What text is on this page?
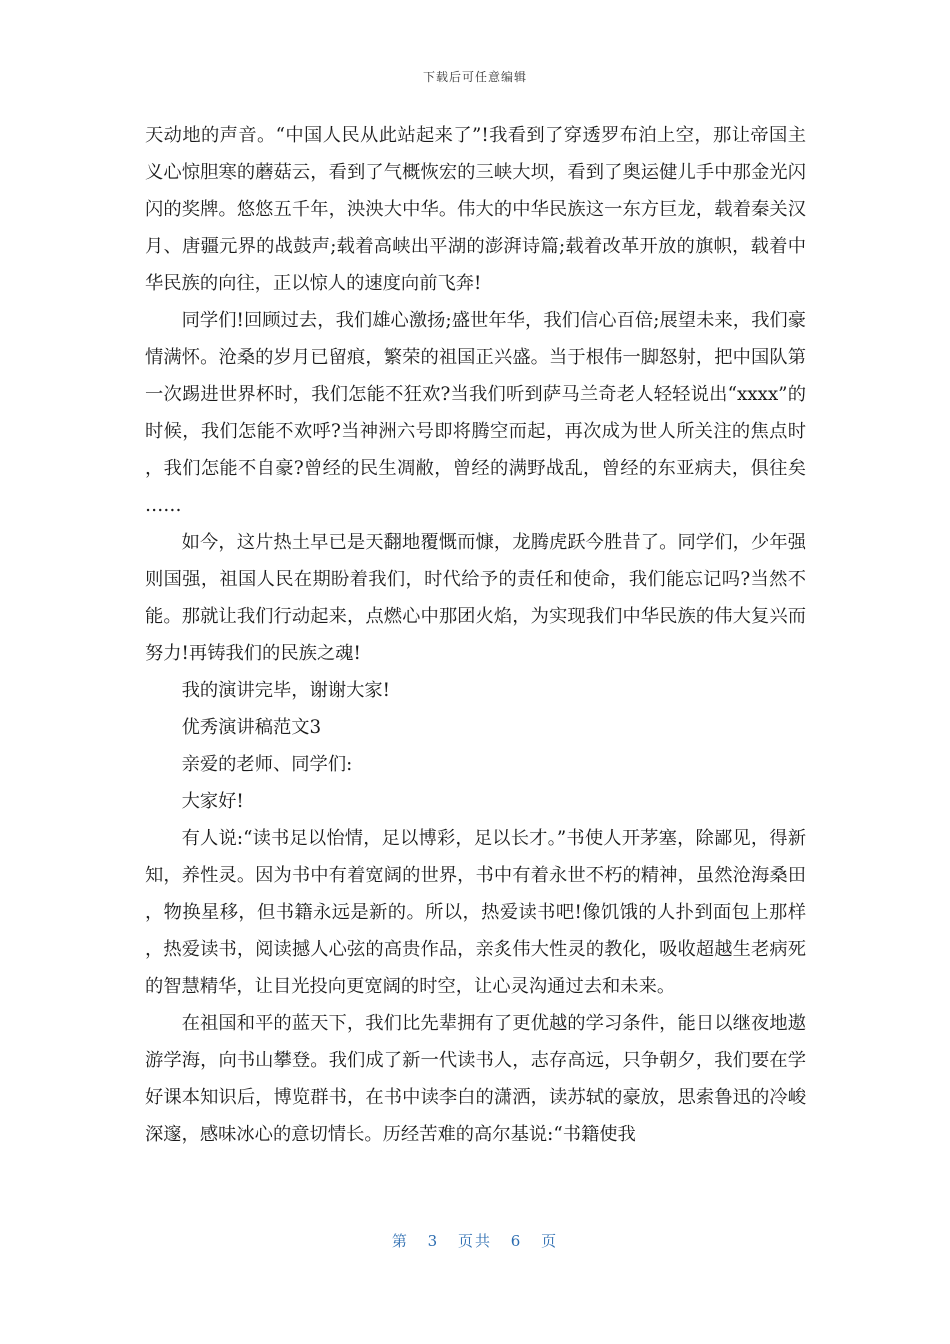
下载后可任意编辑

天动地的声音。“中国人民从此站起来了”!我看到了穿透罗布泊上空，那让帝国主义心惊胆寒的蘑菇云，看到了气概恢宏的三峡大坝，看到了奥运健儿手中那金光闪闪的奖牌。悠悠五千年，泱泱大中华。伟大的中华民族这一东方巨龙，载着秦关汉月、唐疆元界的战鼓声;载着高峡出平湖的澎湃诗篇;载着改革开放的旗帜，载着中华民族的向往，正以惊人的速度向前飞奔!

同学们!回顾过去，我们雄心激扬;盛世年华，我们信心百倍;展望未来，我们豪情满怀。沧桑的岁月已留痕，繁荣的祖国正兴盛。当于根伟一脚怒射，把中国队第一次踢进世界杯时，我们怎能不狂欢?当我们听到萨马兰奇老人轻轻说出“xxxx”的时候，我们怎能不欢呼?当神洲六号即将腾空而起，再次成为世人所关注的焦点时，我们怎能不自豪?曾经的民生凋敝，曾经的满野战乱，曾经的东亚病夫，俱往矣……

如今，这片热土早已是天翻地覆慨而慷，龙腾虎跃今胜昔了。同学们，少年强则国强，祖国人民在期盼着我们，时代给予的责任和使命，我们能忘记吗?当然不能。那就让我们行动起来，点燃心中那团火焰，为实现我们中华民族的伟大复兴而努力!再铸我们的民族之魂!

我的演讲完毕，谢谢大家!

优秀演讲稿范文3

亲爱的老师、同学们:

大家好!

有人说:“读书足以怡情，足以博彩，足以长才。”书使人开茅塞，除鄙见，得新知，养性灵。因为书中有着宽阔的世界，书中有着永世不朽的精神，虽然沧海桑田，物换星移，但书籍永远是新的。所以，热爱读书吧!像饥饿的人扑到面包上那样，热爱读书，阅读撼人心弦的高贵作品，亲炙伟大性灵的教化，吸收超越生老病死的智慧精华，让目光投向更宽阔的时空，让心灵沟通过去和未来。

在祖国和平的蓝天下，我们比先辈拥有了更优越的学习条件，能日以继夜地遨游学海，向书山攀登。我们成了新一代读书人，志存高远，只争朝夕，我们要在学好课本知识后，博览群书，在书中读李白的潇洒，读苏轼的豪放，思索鲁迅的冷峻深邃，感味冰心的意切情长。历经苦难的高尔基说:“书籍使我

第 3 页共 6 页
